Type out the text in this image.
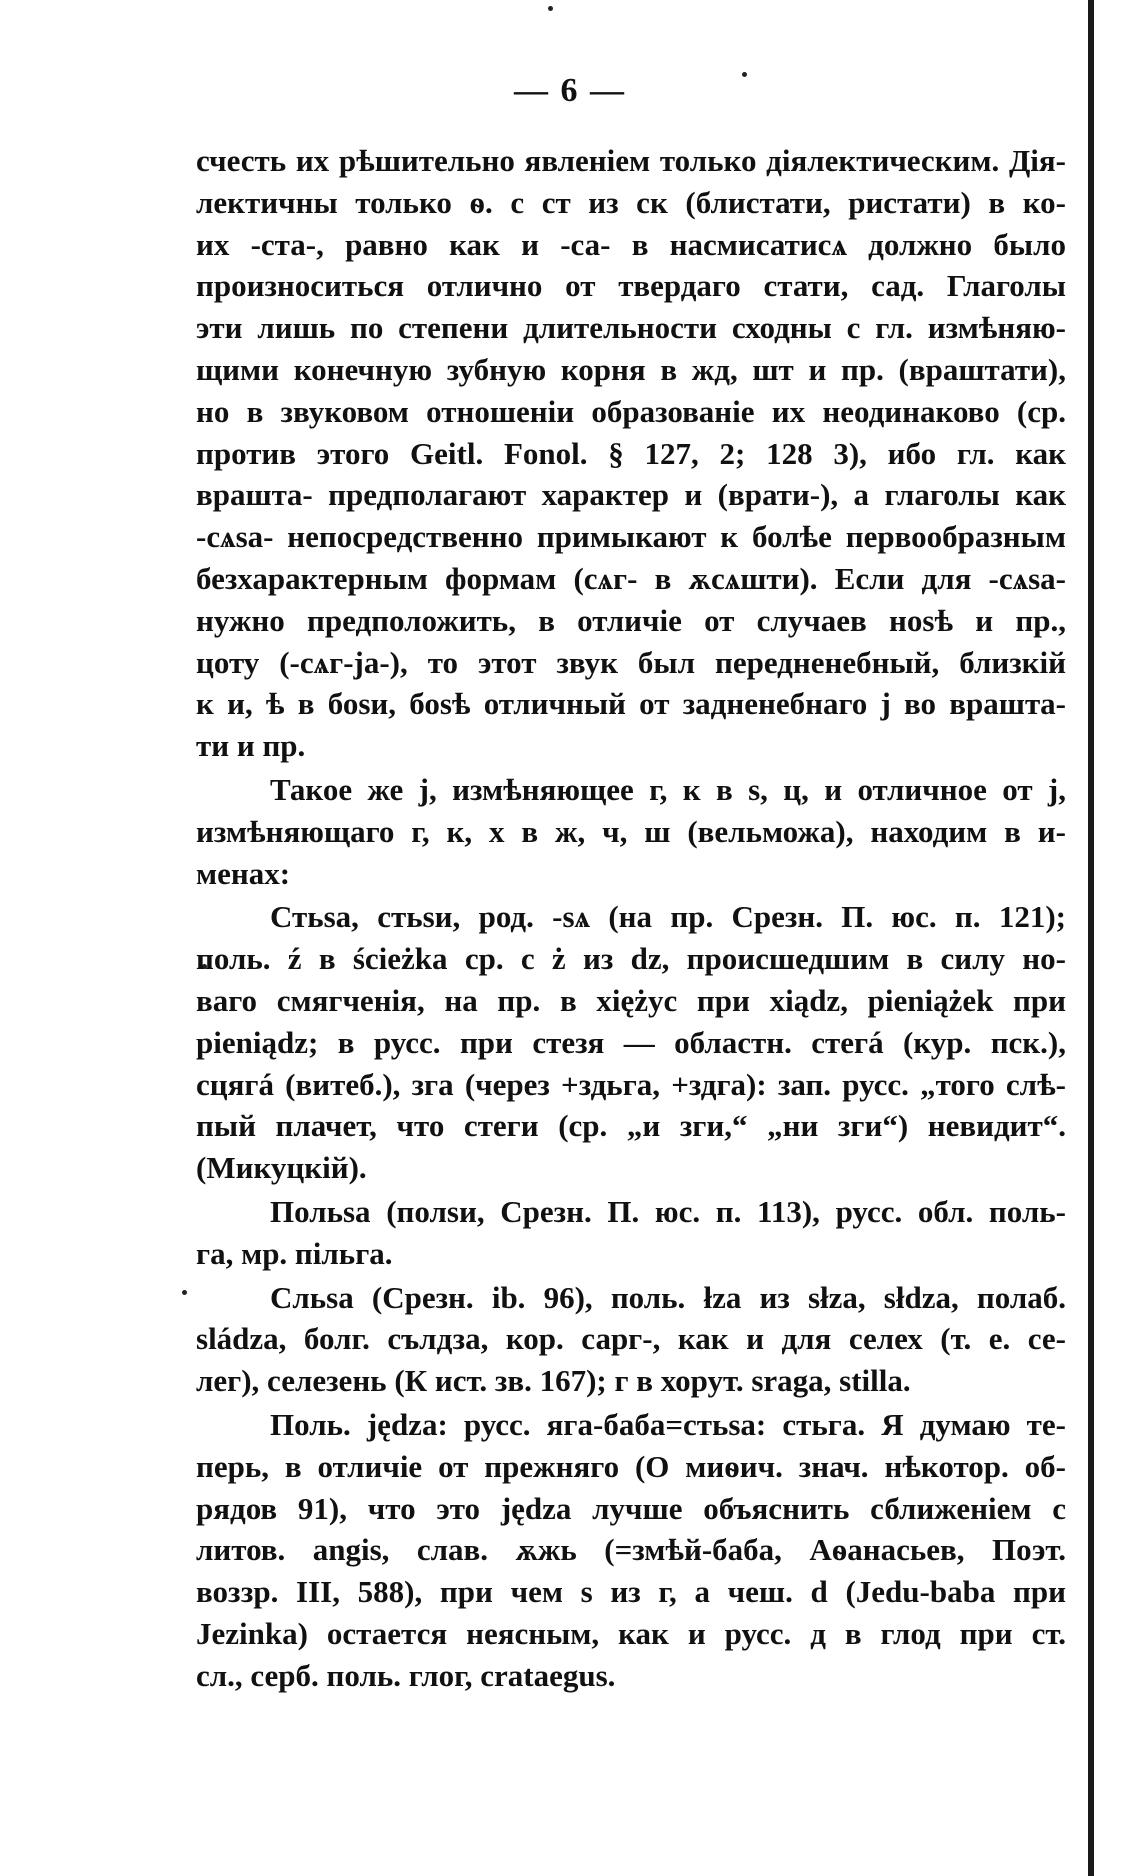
— 6 —
счесть их рѣшительно явленіем только діялектическим. Дія-
лектичны только ѳ. с ст из ск (блистати, ристати) в ко-
их -ста-, равно как и -са- в насмисатисѧ должно было
произноситься отлично от твердаго стати, сад. Глаголы
эти лишь по степени длительности сходны с гл. измѣняю-
щими конечную зубную корня в жд, шт и пр. (враштати),
но в звуковом отношеніи образованіе их неодинаково (ср.
против этого Geitl. Fonol. § 127, 2; 128 3), ибо гл. как
враштa- предполагают характер и (врати-), а глаголы как
-cѧsa- непосредственно примыкают к болѣе первообразным
безхарактерным формам (cѧг- в ѫсѧшти). Если для -cѧsa-
нужно предположить, в отличіе от случаев ноѕѣ и пр.,
цоту (-cѧг-ja-), то этот звук был передненебный, близкій
к и, ѣ в боѕи, боѕѣ отличный от задненебнаго j во враштa-
ти и пр.
Такое же j, измѣняющее г, к в ѕ, ц, и отличное от j,
измѣняющаго г, к, х в ж, ч, ш (вельможа), находим в и-
менах:
Стьѕа, стьѕи, род. -ѕѧ (на пр. Срезн. П. юс. п. 121);
поль. ź в ścieżka ср. с ż из dz, происшедшим в силу но-
ваго смягченія, на пр. в xiężyc при xiądz, pieniążek при
pieniądz; в русс. при стезя — областн. стегá (кур. пск.),
сцягá (витеб.), зга (через +здьга, +здга): зап. русс. „того слѣ-
пый плачет, что стеги (ср. „и зги,“ „ни зги“) невидит“.
(Микуцкій).
Польѕа (полѕи, Срезн. П. юс. п. 113), русс. обл. поль-
га, мр. пільга.
Сльѕа (Срезн. ib. 96), поль. łza из słza, słdza, полаб.
sládza, болг. сълдза, кор. сарг-, как и для селех (т. е. се-
лег), селезень (К ист. зв. 167); г в хорут. sraga, stilla.
Поль. jędza: русс. яга-баба=стьѕа: стьга. Я думаю те-
перь, в отличіе от прежняго (О миѳич. знач. нѣкотор. об-
рядов 91), что это jędza лучше объяснить сближеніем с
литов. angis, слав. ѫжь (=змѣй-баба, Аѳанасьев, Поэт.
воззр. III, 588), при чем ѕ из г, а чеш. d (Jedu-baba при
Jezinka) остается неясным, как и русс. д в глод при ст.
сл., серб. поль. глог, crataegus.
